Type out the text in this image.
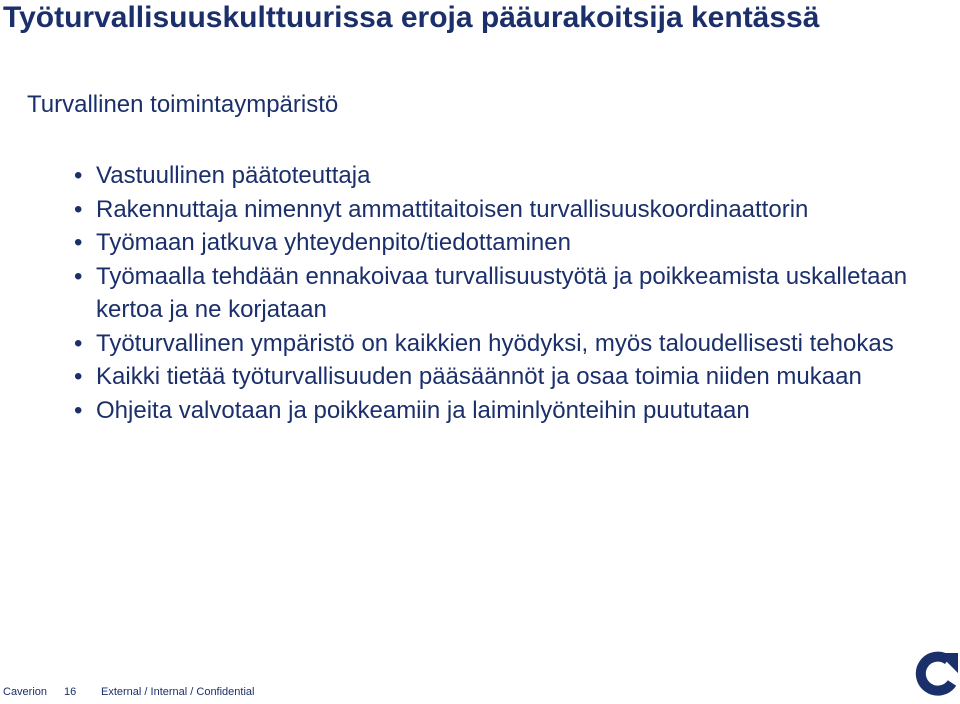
Työturvallisuuskulttuurissa eroja pääurakoitsija kentässä
Turvallinen toimintaympäristö
• Vastuullinen päätoteuttaja
• Rakennuttaja nimennyt ammattitaitoisen turvallisuuskoordinaattorin
• Työmaan jatkuva yhteydenpito/tiedottaminen
• Työmaalla tehdään ennakoivaa turvallisuustyötä ja poikkeamista uskalletaan kertoa ja ne korjataan
• Työturvallinen ympäristö on kaikkien hyödyksi, myös taloudellisesti tehokas
• Kaikki tietää työturvallisuuden pääsäännöt ja osaa toimia niiden mukaan
• Ohjeita valvotaan ja poikkeamiin ja laiminlyönteihin puututaan
Caverion 16 External / Internal / Confidential
